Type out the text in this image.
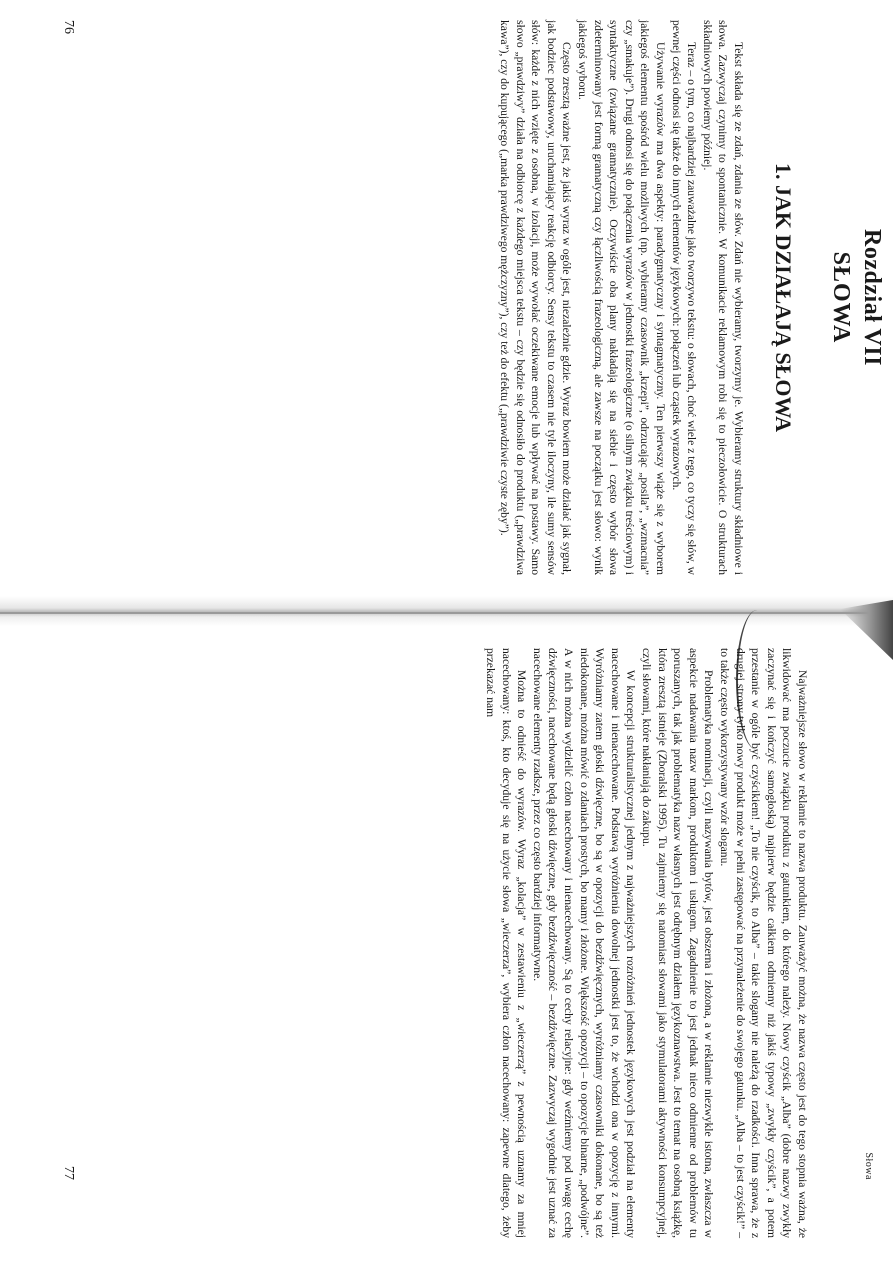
Rozdział VII
SŁOWA
1. JAK DZIAŁAJĄ SŁOWA

Tekst składa się ze zdań, zdania ze słów. Zdań nie wybieramy, tworzymy je. Wybieramy struktury składniowe i słowa. Zazwyczaj czynimy to spontanicznie. W komunikacie reklamowym robi się to pieczołowicie. O strukturach składniowych powiemy później.

Teraz – o tym, co najbardziej zauważalne jako tworzywo tekstu: o słowach, choć wiele z tego, co tyczy się słów, w pewnej części odnosi się także do innych elementów językowych: połączeń lub cząstek wyrazowych.

Używanie wyrazów ma dwa aspekty: paradygmatyczny i syntagmatyczny. Ten pierwszy wiąże się z wyborem jakiegoś elementu spośród wielu możliwych (np. wybieramy czasownik „krzepi”, odrzucając „posila”, „wzmacnia” czy „smakuje”). Drugi odnosi się do połączenia wyrazów w jednostki frazeologiczne (o silnym związku treściowym) i syntaktyczne (związane gramatycznie). Oczywiście oba plany nakładają się na siebie i często wybór słowa zdeterminowany jest formą gramatyczną czy łączliwością frazeologiczną, ale zawsze na początku jest słowo: wynik jakiegoś wyboru.

Często zresztą ważne jest, że jakiś wyraz w ogóle jest, niezależnie gdzie. Wyraz bowiem może działać jak sygnał, jak bodziec podstawowy, uruchamiający reakcję odbiorcy. Sensy tekstu to czasem nie tyle iloczyny, ile sumy sensów słów: każde z nich wzięte z osobna, w izolacji, może wywołać oczekiwane emocje lub wpływać na postawy. Samo słowo „prawdziwy” działa na odbiorcę z każdego miejsca tekstu – czy będzie się odnosiło do produktu („prawdziwa kawa”), czy do kupującego („marka prawdziwego mężczyzny”), czy też do efektu („prawdziwie czyste zęby”).

76
Słowa

Najważniejsze słowo w reklamie to nazwa produktu. Zauważyć można, że nazwa często jest do tego stopnia ważna, że likwidować ma poczucie związku produktu z gatunkiem, do którego należy. Nowy czyścik „Alba” (dobre nazwy zwykły zaczynać się i kończyć samogłoską) najpierw będzie całkiem odmienny niż jakiś typowy „zwykły czyścik”, a potem przestanie w ogóle być czyścikiem! „To nie czyścik, to Alba” – takie slogany nie należą do rzadkości. Inna sprawa, że z drugiej strony tylko nowy produkt może w pełni zastępować na przynależenie do swojego gatunku. „Alba – to jest czyścik!” – to także często wykorzystywany wzór sloganu.

Problematyka nominacji, czyli nazywania bytów, jest obszerna i złożona, a w reklamie niezwykle istotna, zwłaszcza w aspekcie nadawania nazw markom, produktom i usługom. Zagadnienie to jest jednak nieco odmienne od problemów tu poruszanych, tak jak problematyka nazw własnych jest odrębnym działem językoznawstwa. Jest to temat na osobną książkę, która zresztą istnieje (Zboralski 1995). Tu zajmiemy się natomiast słowami jako stymulatorami aktywności konsumpcyjnej, czyli słowami, które nakłaniają do zakupu.

W koncepcji strukturalistycznej jednym z najważniejszych rozróżnień jednostek językowych jest podział na elementy nacechowane i nienacechowane. Podstawą wyróżnienia dowolnej jednostki jest to, że wchodzi ona w opozycję z innymi. Wyróżniamy zatem głoski dźwięczne, bo są w opozycji do bezdźwięcznych, wyróżniamy czasowniki dokonane, bo są też niedokonane, można mówić o zdaniach prostych, bo mamy i złożone. Większość opozycji – to opozycje binarne, „podwójne”. A w nich można wydzielić człon nacechowany i nienacechowany. Są to cechy relacyjne: gdy weźmiemy pod uwagę cechę dźwięczności, nacechowane będą głoski dźwięczne, gdy bezdźwięczność – bezdźwięczne. Zazwyczaj wygodnie jest uznać za nacechowane elementy rzadsze, przez co często bardziej informatywne.

Można to odnieść do wyrazów. Wyraz „kolacja” w zestawieniu z „wieczerzą” z pewnością uznamy za mniej nacechowany: ktoś, kto decyduje się na użycie słowa „wieczerza”, wybiera człon nacechowany: zapewne dlatego, żeby przekazać nam

77
